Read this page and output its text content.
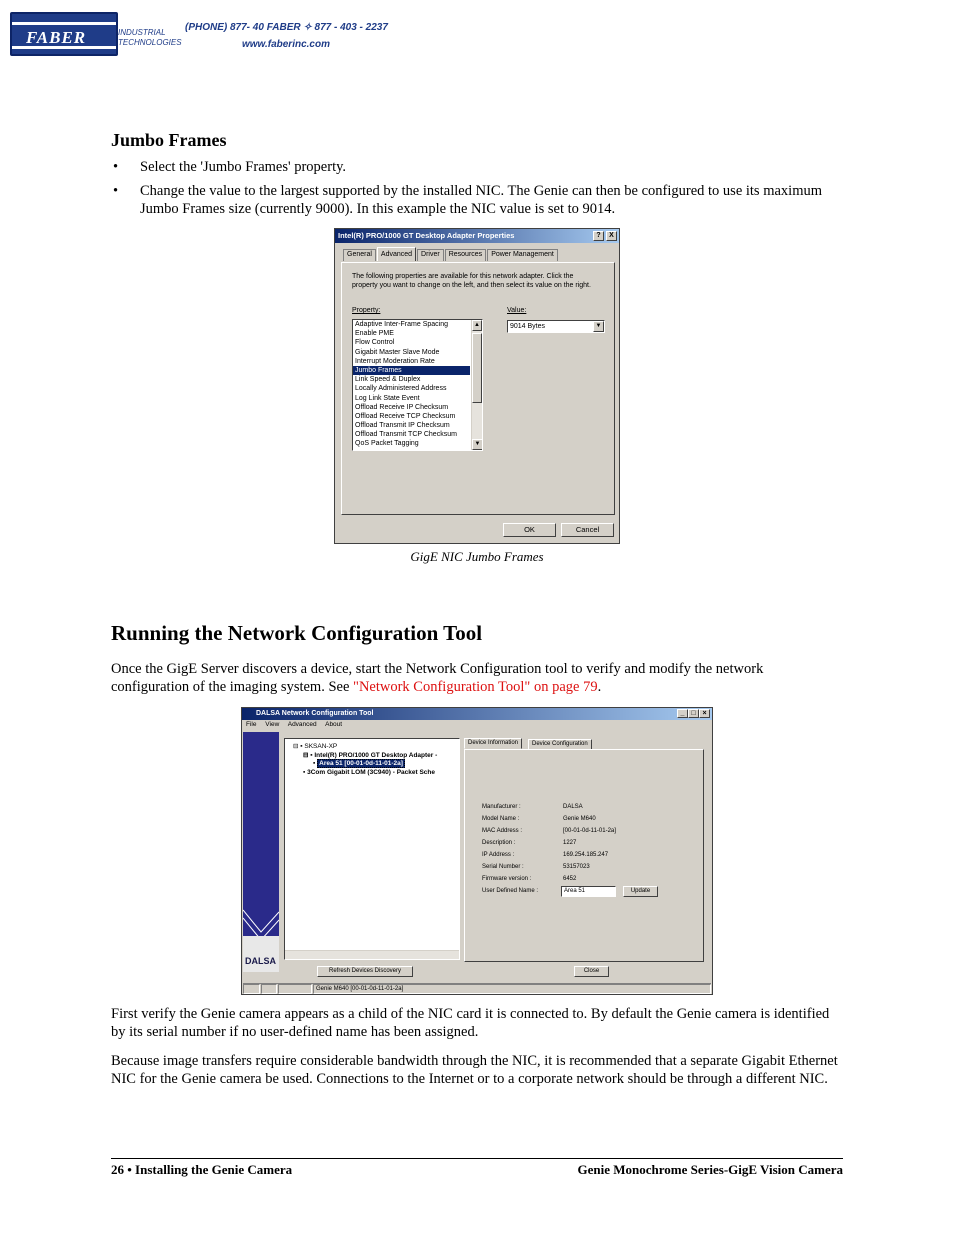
FABER	INDUSTRIAL
TECHNOLOGIES
(PHONE) 877- 40 FABER ✧ 877 - 403 - 2237
www.faberinc.com
Jumbo Frames
• Select the 'Jumbo Frames' property.
• Change the value to the largest supported by the installed NIC. The Genie can then be configured to use its maximum Jumbo Frames size (currently 9000). In this example the NIC value is set to 9014.
Intel(R) PRO/1000 GT Desktop Adapter Properties	?	X
General	Advanced	Driver	Resources	Power Management
The following properties are available for this network adapter. Click the property you want to change on the left, and then select its value on the right.
Property:	Value:
Adaptive Inter-Frame Spacing
Enable PME
Flow Control
Gigabit Master Slave Mode
Interrupt Moderation Rate
Jumbo Frames
Link Speed & Duplex
Locally Administered Address
Log Link State Event
Offload Receive IP Checksum
Offload Receive TCP Checksum
Offload Transmit IP Checksum
Offload Transmit TCP Checksum
QoS Packet Tagging
▲
▼
9014 Bytes	▼
OK	Cancel
GigE NIC Jumbo Frames
Running the Network Configuration Tool

Once the GigE Server discovers a device, start the Network Configuration tool to verify and modify the network configuration of the imaging system. See "Network Configuration Tool" on page 79.

DALSA Network Configuration Tool	_ □ ×
File View Advanced About
DALSA
⊟ ▪ SKSAN-XP
⊟ ▪ Intel(R) PRO/1000 GT Desktop Adapter -
▪ Area 51 [00-01-0d-11-01-2a]
▪ 3Com Gigabit LOM (3C940) - Packet Sche
Device Information	Device Configuration
Manufacturer :	DALSA
Model Name :	Genie M640
MAC Address :	[00-01-0d-11-01-2a]
Description :	1227
IP Address :	169.254.185.247
Serial Number :	53157023
Firmware version :	6452
User Defined Name :	Area 51	Update
Refresh Devices Discovery	Close
Genie M640 [00-01-0d-11-01-2a]

First verify the Genie camera appears as a child of the NIC card it is connected to. By default the Genie camera is identified by its serial number if no user-defined name has been assigned.

Because image transfers require considerable bandwidth through the NIC, it is recommended that a separate Gigabit Ethernet NIC for the Genie camera be used. Connections to the Internet or to a corporate network should be through a different NIC.

26 • Installing the Genie Camera	Genie Monochrome Series-GigE Vision Camera
